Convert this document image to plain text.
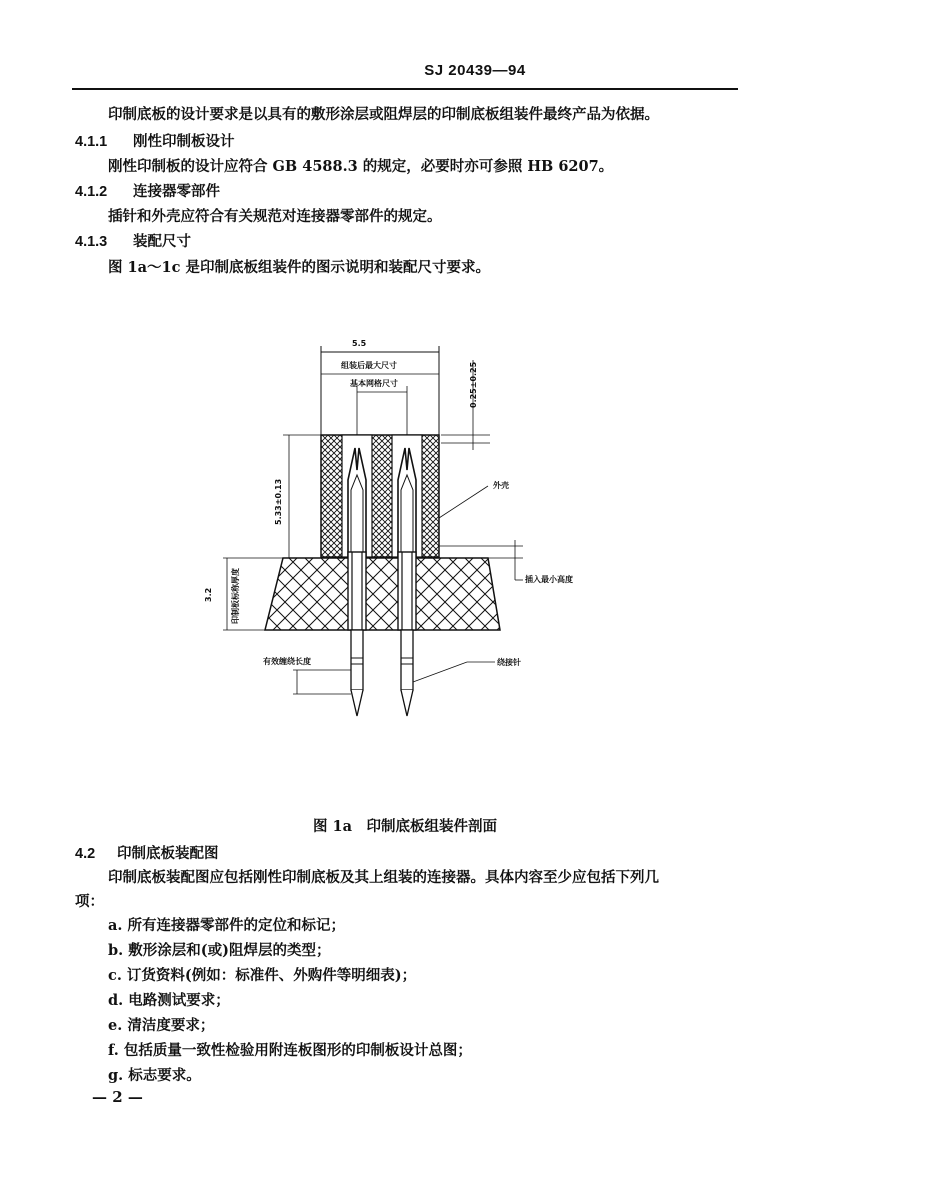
SJ 20439—94
印制底板的设计要求是以具有的敷形涂层或阻焊层的印制底板组装件最终产品为依据。
4.1.1 刚性印制板设计
刚性印制板的设计应符合 GB 4588.3 的规定，必要时亦可参照 HB 6207。
4.1.2 连接器零部件
插针和外壳应符合有关规范对连接器零部件的规定。
4.1.3 装配尺寸
图 1a～1c 是印制底板组装件的图示说明和装配尺寸要求。
5.5
组装后最大尺寸
基本网格尺寸	0.25±0.25
5.33±0.13	外壳
插入最小高度
3.2 印制板标称厚度
有效缠绕长度	绕接针
图 1a　印制底板组装件剖面
4.2 印制底板装配图
印制底板装配图应包括刚性印制底板及其上组装的连接器。具体内容至少应包括下列几
项：
a. 所有连接器零部件的定位和标记；
b. 敷形涂层和(或)阻焊层的类型；
c. 订货资料(例如：标准件、外购件等明细表)；
d. 电路测试要求；
e. 清洁度要求；
f. 包括质量一致性检验用附连板图形的印制板设计总图；
g. 标志要求。
— 2 —
